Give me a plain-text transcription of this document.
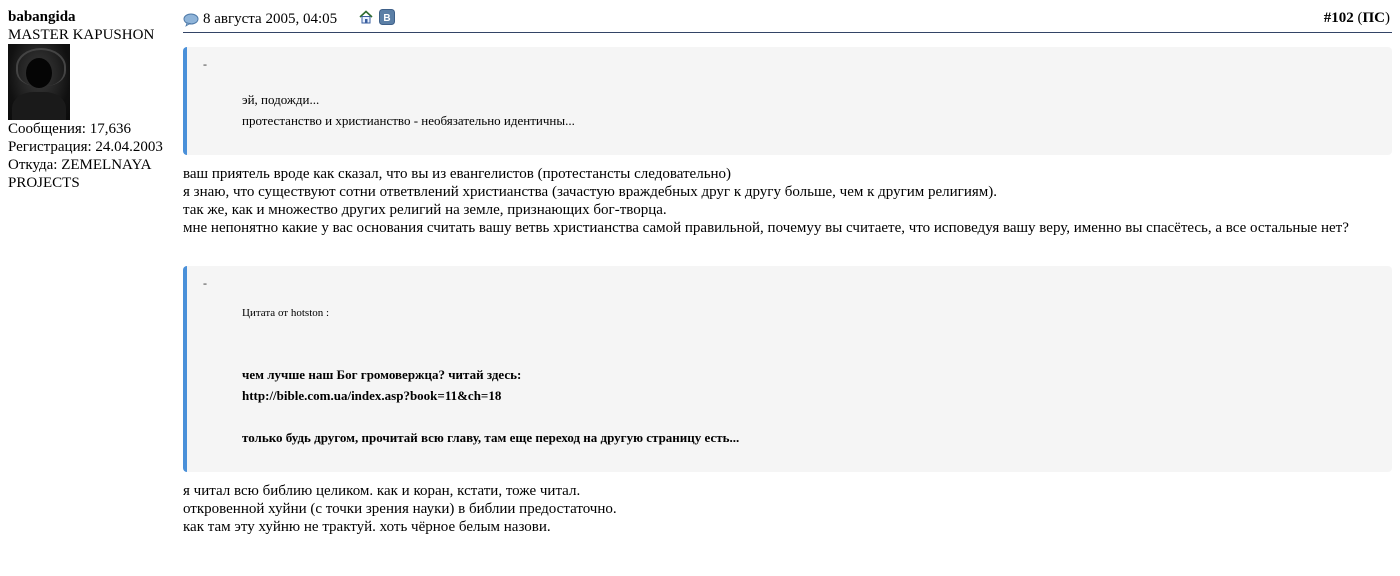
babangida
MASTER KAPUSHON
Сообщения: 17,636
Регистрация: 24.04.2003
Откуда: ZEMELNAYA PROJECTS
8 августа 2005, 04:05	B	#102 (ПС)
-
эй, подожди...
протестанство и христианство - необязательно идентичны...
ваш приятель вроде как сказал, что вы из евангелистов (протестансты следовательно)
я знаю, что существуют сотни ответвлений христианства (зачастую враждебных друг к другу больше, чем к другим религиям).
так же, как и множество других религий на земле, признающих бог-творца.
мне непонятно какие у вас основания считать вашу ветвь христианства самой правильной, почемуу вы считаете, что исповедуя вашу веру, именно вы спасётесь, а все остальные нет?
-
Цитата от hotston :
чем лучше наш Бог громовержца? читай здесь:
http://bible.com.ua/index.asp?book=11&ch=18
только будь другом, прочитай всю главу, там еще переход на другую страницу есть...
я читал всю библию целиком. как и коран, кстати, тоже читал.
откровенной хуйни (с точки зрения науки) в библии предостаточно.
как там эту хуйню не трактуй. хоть чёрное белым назови.
